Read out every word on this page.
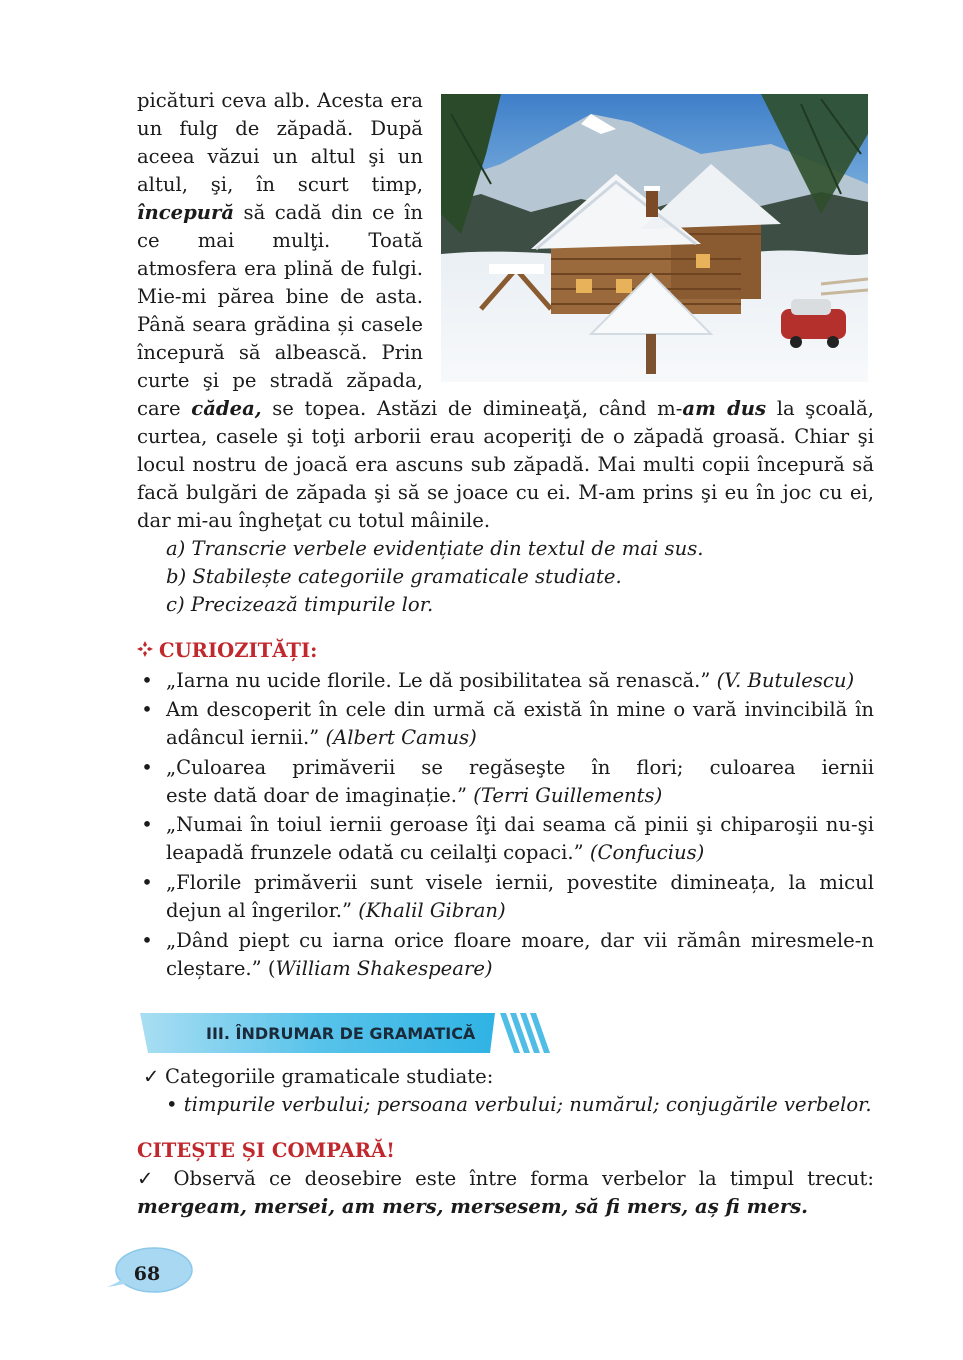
picături ceva alb. Acesta era
un fulg de zăpadă. După
aceea văzui un altul şi un
altul, şi, în scurt timp,
începură să cadă din ce în
ce mai mulţi. Toată
atmosfera era plină de fulgi.
Mie-mi părea bine de asta.
Până seara grădina și casele
începură să albească. Prin
curte şi pe stradă zăpada,
care cădea, se topea. Astăzi de dimineaţă, când m-am dus la şcoală,
curtea, casele şi toţi arborii erau acoperiţi de o zăpadă groasă. Chiar şi
locul nostru de joacă era ascuns sub zăpadă. Mai multi copii începură să
facă bulgări de zăpada şi să se joace cu ei. M-am prins şi eu în joc cu ei,
dar mi-au îngheţat cu totul mâinile.
a) Transcrie verbele evidențiate din textul de mai sus.
b) Stabilește categoriile gramaticale studiate.
c) Precizează timpurile lor.
CURIOZITĂȚI:
• „Iarna nu ucide florile. Le dă posibilitatea să renască.” (V. Butulescu)
• Am descoperit în cele din urmă că există în mine o vară invincibilă în
adâncul iernii.” (Albert Camus)
• „Culoarea primăverii se regăseşte în flori; culoarea iernii
este dată doar de imaginație.” (Terri Guillements)
• „Numai în toiul iernii geroase îţi dai seama că pinii şi chiparoşii nu-şi
leapadă frunzele odată cu ceilalţi copaci.” (Confucius)
• „Florile primăverii sunt visele iernii, povestite dimineața, la micul
dejun al îngerilor.” (Khalil Gibran)
• „Dând piept cu iarna orice floare moare, dar vii rămân miresmele-n
cleștare.” (William Shakespeare)
III. ÎNDRUMAR DE GRAMATICĂ
✓ Categoriile gramaticale studiate:
• timpurile verbului; persoana verbului; numărul; conjugările verbelor.
CITEȘTE ȘI COMPARĂ!
✓ Observă ce deosebire este între forma verbelor la timpul trecut:
mergeam, mersei, am mers, mersesem, să fi mers, aș fi mers.
68
